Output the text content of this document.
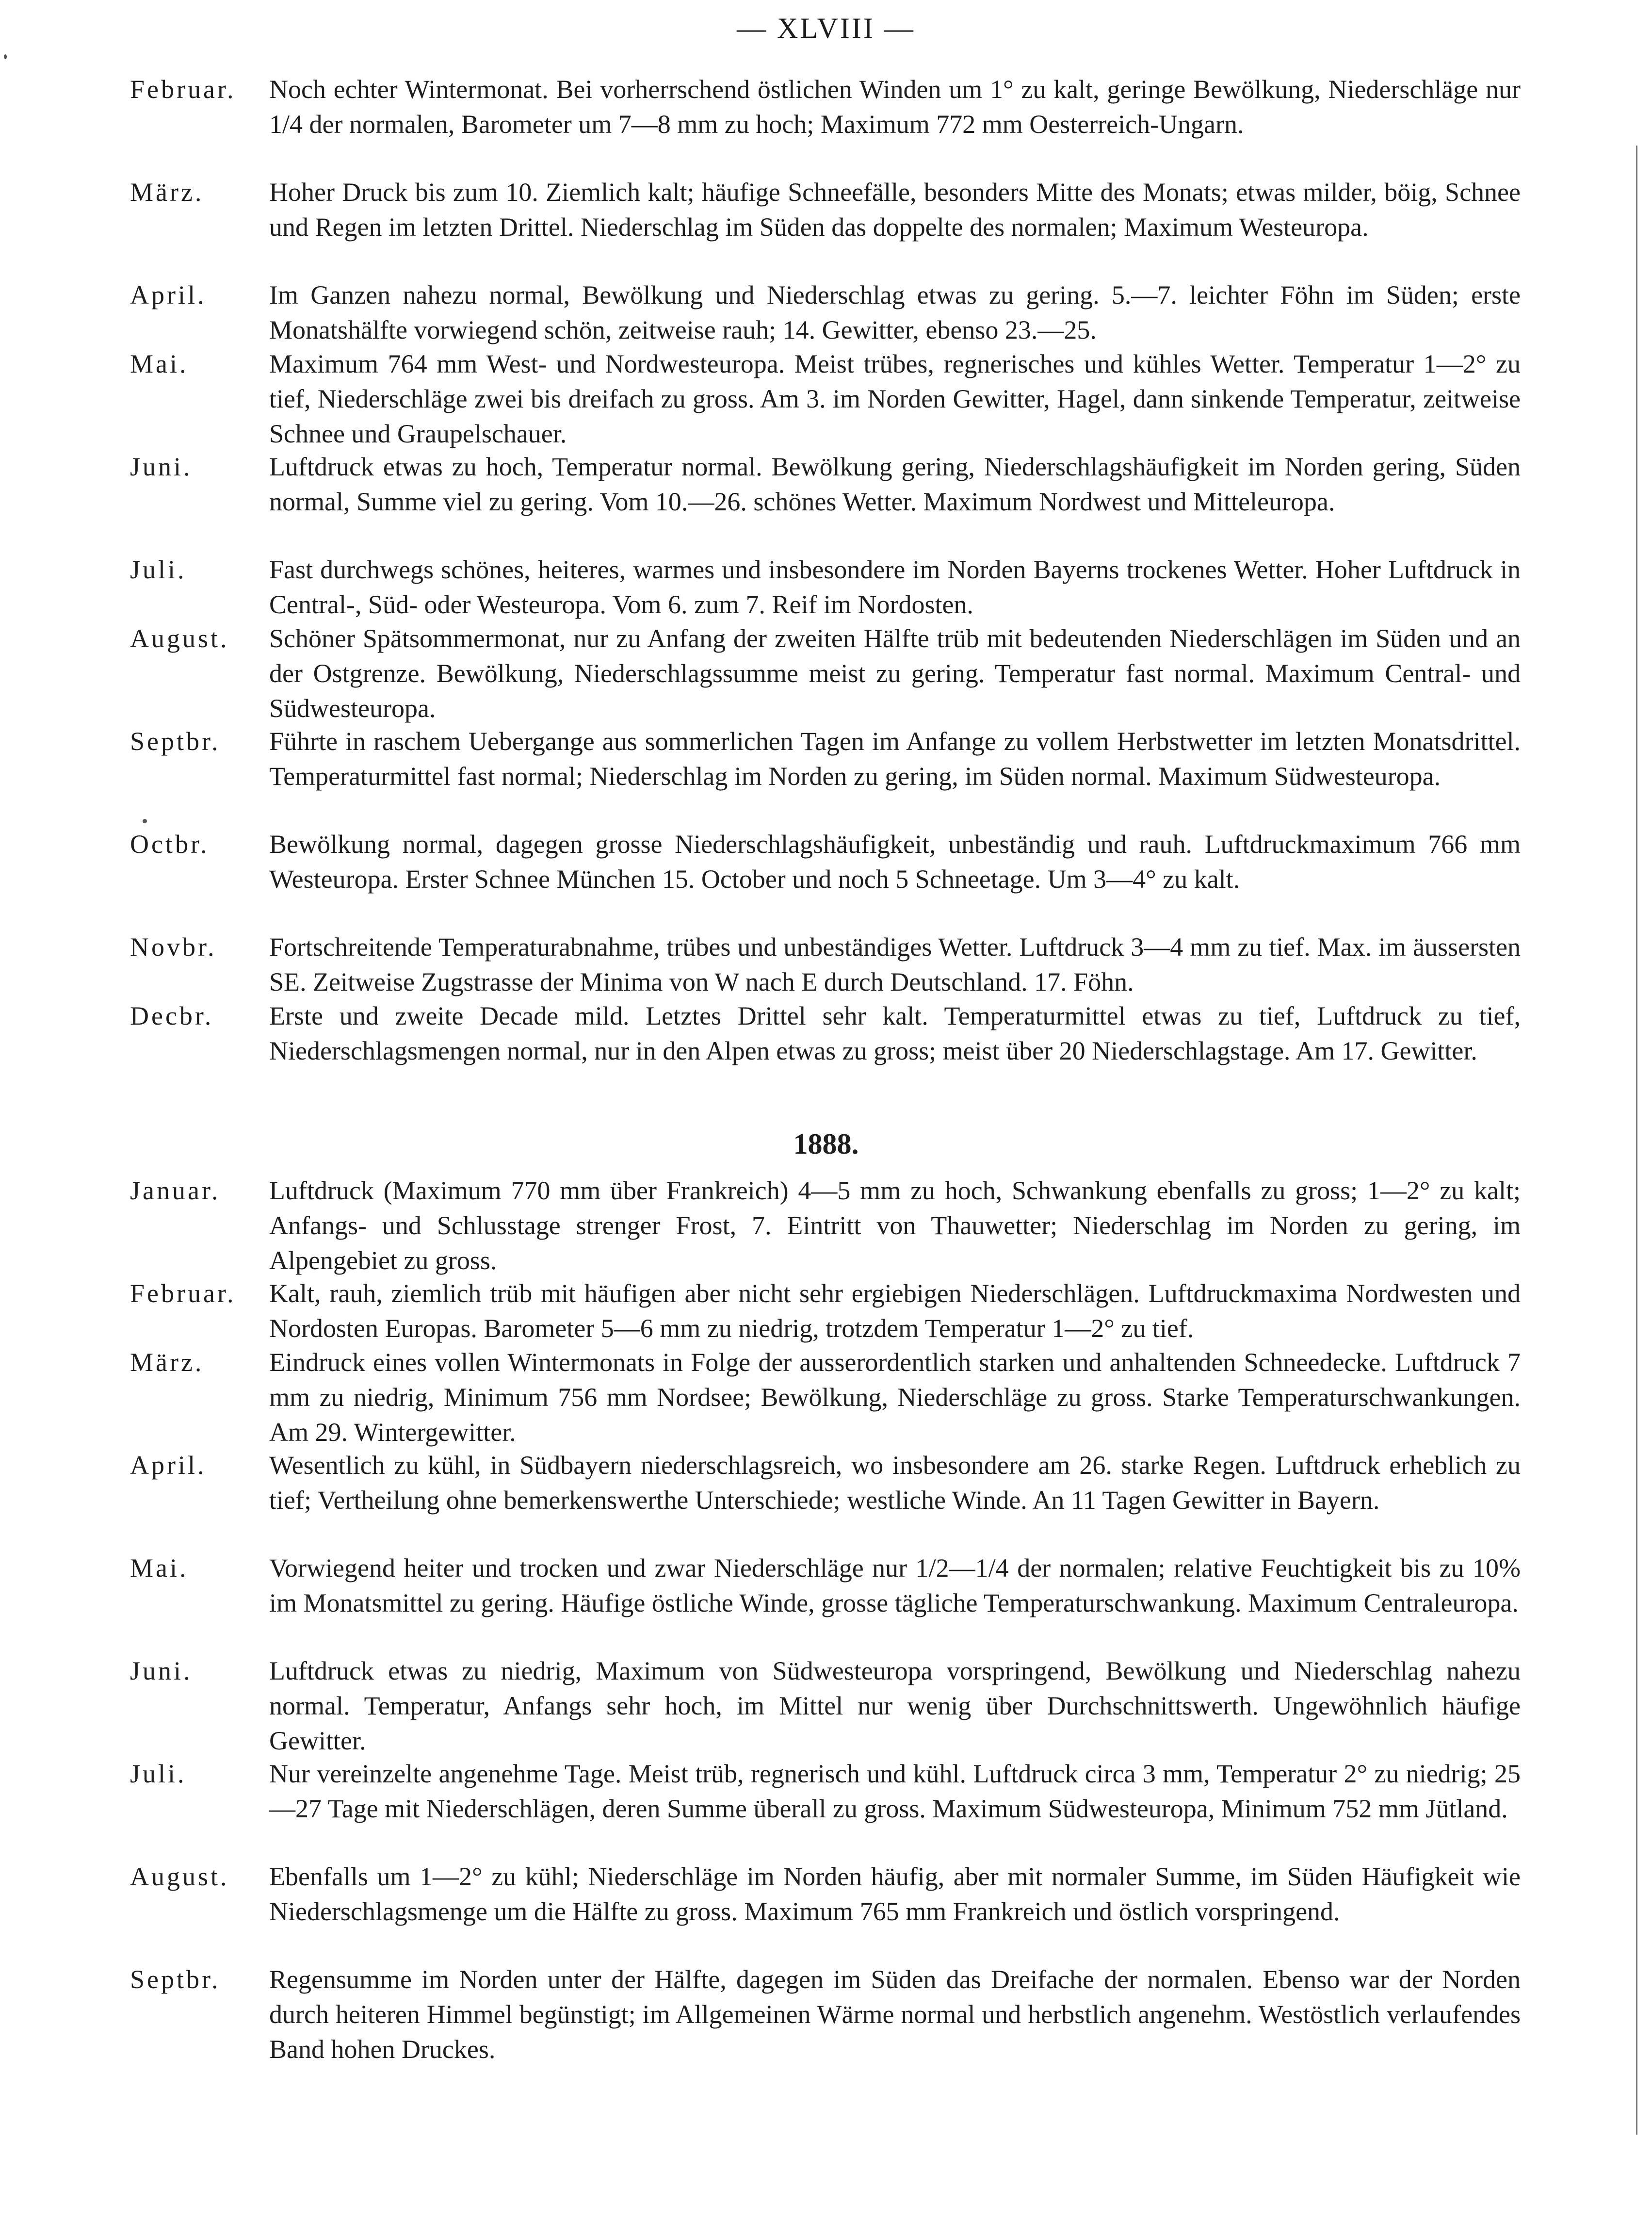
— XLVIII —
Februar. Noch echter Wintermonat. Bei vorherrschend östlichen Winden um 1° zu kalt, geringe Bewölkung, Niederschläge nur 1/4 der normalen, Barometer um 7—8 mm zu hoch; Maximum 772 mm Oesterreich-Ungarn.

März. Hoher Druck bis zum 10. Ziemlich kalt; häufige Schneefälle, besonders Mitte des Monats; etwas milder, böig, Schnee und Regen im letzten Drittel. Niederschlag im Süden das doppelte des normalen; Maximum Westeuropa.

April. Im Ganzen nahezu normal, Bewölkung und Niederschlag etwas zu gering. 5.—7. leichter Föhn im Süden; erste Monatshälfte vorwiegend schön, zeitweise rauh; 14. Gewitter, ebenso 23.—25.

Mai.	Maximum 764 mm West- und Nordwesteuropa. Meist trübes, regnerisches und kühles Wetter. Temperatur 1—2° zu tief, Niederschläge zwei bis dreifach zu gross. Am 3. im Norden Gewitter, Hagel, dann sinkende Temperatur, zeitweise Schnee und Graupelschauer.

Juni.	Luftdruck etwas zu hoch, Temperatur normal. Bewölkung gering, Niederschlagshäufigkeit im Norden gering, Süden normal, Summe viel zu gering. Vom 10.—26. schönes Wetter. Maximum Nordwest und Mitteleuropa.

Juli.	Fast durchwegs schönes, heiteres, warmes und insbesondere im Norden Bayerns trockenes Wetter. Hoher Luftdruck in Central-, Süd- oder Westeuropa. Vom 6. zum 7. Reif im Nordosten.

August. Schöner Spätsommermonat, nur zu Anfang der zweiten Hälfte trüb mit bedeutenden Niederschlägen im Süden und an der Ostgrenze. Bewölkung, Niederschlagssumme meist zu gering. Temperatur fast normal. Maximum Central- und Südwesteuropa.

Septbr. Führte in raschem Uebergange aus sommerlichen Tagen im Anfange zu vollem Herbstwetter im letzten Monatsdrittel. Temperaturmittel fast normal; Niederschlag im Norden zu gering, im Süden normal. Maximum Südwesteuropa.

Octbr. Bewölkung normal, dagegen grosse Niederschlagshäufigkeit, unbeständig und rauh. Luftdruckmaximum 766 mm Westeuropa. Erster Schnee München 15. October und noch 5 Schneetage. Um 3—4° zu kalt.

Novbr. Fortschreitende Temperaturabnahme, trübes und unbeständiges Wetter. Luftdruck 3—4 mm zu tief. Max. im äussersten SE. Zeitweise Zugstrasse der Minima von W nach E durch Deutschland. 17. Föhn.

Decbr. Erste und zweite Decade mild. Letztes Drittel sehr kalt. Temperaturmittel etwas zu tief, Luftdruck zu tief, Niederschlagsmengen normal, nur in den Alpen etwas zu gross; meist über 20 Niederschlagstage. Am 17. Gewitter.

1888.
Januar. Luftdruck (Maximum 770 mm über Frankreich) 4—5 mm zu hoch, Schwankung ebenfalls zu gross; 1—2° zu kalt; Anfangs- und Schlusstage strenger Frost, 7. Eintritt von Thauwetter; Niederschlag im Norden zu gering, im Alpengebiet zu gross.

Februar. Kalt, rauh, ziemlich trüb mit häufigen aber nicht sehr ergiebigen Niederschlägen. Luftdruckmaxima Nordwesten und Nordosten Europas. Barometer 5—6 mm zu niedrig, trotzdem Temperatur 1—2° zu tief.

März. Eindruck eines vollen Wintermonats in Folge der ausserordentlich starken und anhaltenden Schneedecke. Luftdruck 7 mm zu niedrig, Minimum 756 mm Nordsee; Bewölkung, Niederschläge zu gross. Starke Temperaturschwankungen. Am 29. Wintergewitter.

April. Wesentlich zu kühl, in Südbayern niederschlagsreich, wo insbesondere am 26. starke Regen. Luftdruck erheblich zu tief; Vertheilung ohne bemerkenswerthe Unterschiede; westliche Winde. An 11 Tagen Gewitter in Bayern.

Mai.	Vorwiegend heiter und trocken und zwar Niederschläge nur 1/2—1/4 der normalen; relative Feuchtigkeit bis zu 10% im Monatsmittel zu gering. Häufige östliche Winde, grosse tägliche Temperaturschwankung. Maximum Centraleuropa.

Juni.	Luftdruck etwas zu niedrig, Maximum von Südwesteuropa vorspringend, Bewölkung und Niederschlag nahezu normal. Temperatur, Anfangs sehr hoch, im Mittel nur wenig über Durchschnittswerth. Ungewöhnlich häufige Gewitter.

Juli.	Nur vereinzelte angenehme Tage. Meist trüb, regnerisch und kühl. Luftdruck circa 3 mm, Temperatur 2° zu niedrig; 25—27 Tage mit Niederschlägen, deren Summe überall zu gross. Maximum Südwesteuropa, Minimum 752 mm Jütland.

August. Ebenfalls um 1—2° zu kühl; Niederschläge im Norden häufig, aber mit normaler Summe, im Süden Häufigkeit wie Niederschlagsmenge um die Hälfte zu gross. Maximum 765 mm Frankreich und östlich vorspringend.

Septbr. Regensumme im Norden unter der Hälfte, dagegen im Süden das Dreifache der normalen. Ebenso war der Norden durch heiteren Himmel begünstigt; im Allgemeinen Wärme normal und herbstlich angenehm. Westöstlich verlaufendes Band hohen Druckes.
